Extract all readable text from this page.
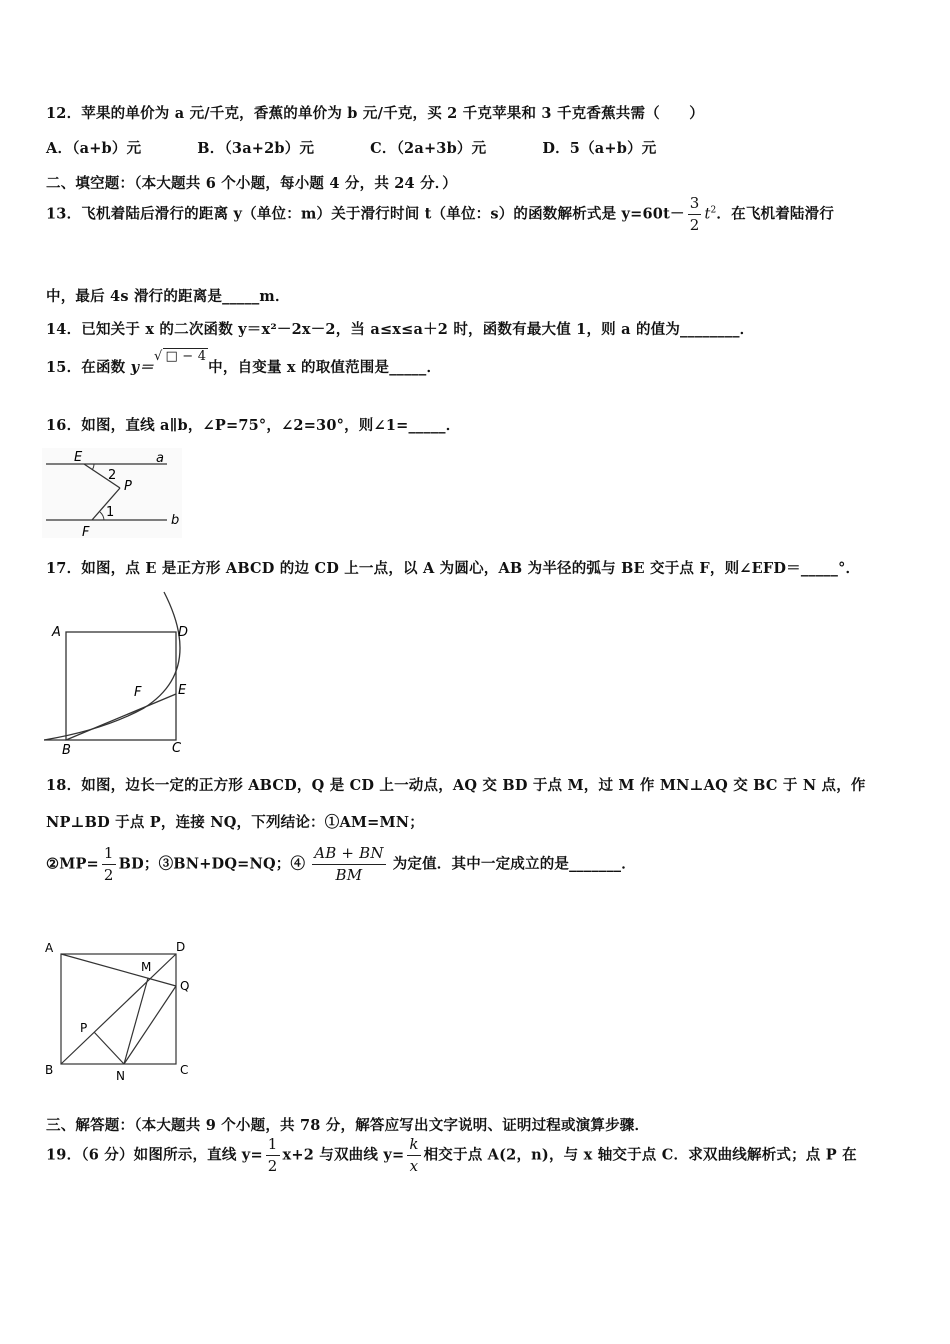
12．苹果的单价为 a 元/千克，香蕉的单价为 b 元/千克，买 2 千克苹果和 3 千克香蕉共需（　　）
A．（a+b）元	B．（3a+2b）元	C．（2a+3b）元	D．5（a+b）元
二、填空题：（本大题共 6 个小题，每小题 4 分，共 24 分．）
13．飞机着陆后滑行的距离 y（单位：m）关于滑行时间 t（单位：s）的函数解析式是 $y=60t- \frac{3}{2} t^2$．在飞机着陆滑行
中，最后 4s 滑行的距离是_____m．
14．已知关于 x 的二次函数 y＝x²－2x－2，当 a≤x≤a＋2 时，函数有最大值 1，则 a 的值为________．
15．在函数 y＝√ □ − 4中，自变量 x 的取值范围是_____．
16．如图，直线 a∥b，∠P=75°，∠2=30°，则∠1=_____．
E	a
2
P
1
b
F
17．如图，点 E 是正方形 ABCD 的边 CD 上一点，以 A 为圆心，AB 为半径的弧与 BE 交于点 F，则∠EFD＝_____°．
A	D
F	E
B	C
18．如图，边长一定的正方形 ABCD，Q 是 CD 上一动点，AQ 交 BD 于点 M，过 M 作 MN⊥AQ 交 BC 于 N 点，作
NP⊥BD 于点 P，连接 NQ，下列结论：①AM=MN；
②MP= $\frac{1}{2}$ BD；③BN+DQ=NQ；④ $\frac{AB + BN}{BM}$ 为定值．其中一定成立的是_______．
A	D
M
Q
P
B	N	C
三、解答题：（本大题共 9 个小题，共 78 分，解答应写出文字说明、证明过程或演算步骤．
19．（6 分）如图所示，直线 $y= \frac{1}{2} x+2$ 与双曲线 $y= \frac{k}{x}$ 相交于点 A(2，n)，与 x 轴交于点 C．求双曲线解析式；点 P 在
